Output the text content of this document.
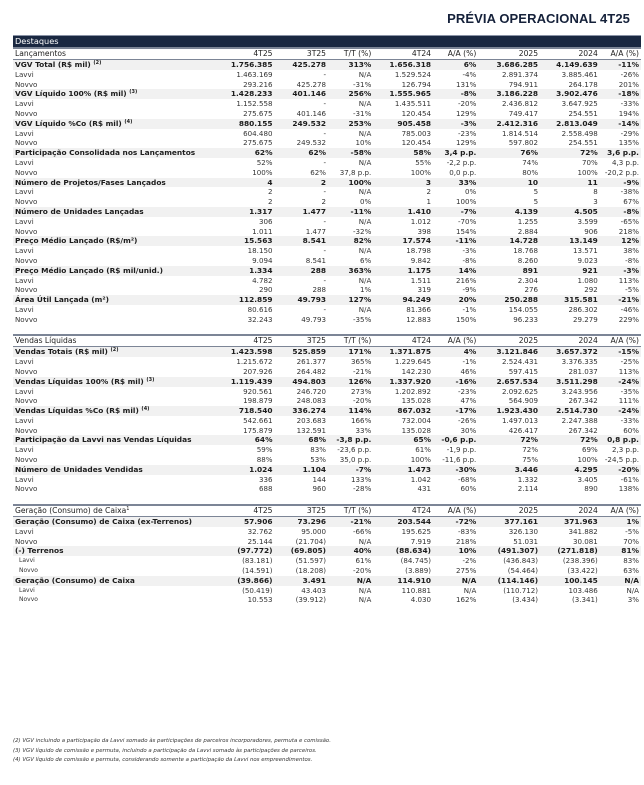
PRÉVIA OPERACIONAL 4T25
Destaques
Lançamentos	4T25	3T25	T/T (%)	4T24	A/A (%)	2025	2024	A/A (%)
VGV Total (R$ mil) $^{(2)}$	1.756.385	425.278	313%	1.656.318	6%	3.686.285	4.149.639	-11%
Lavvi	1.463.169	-	N/A	1.529.524	-4%	2.891.374	3.885.461	-26%
Novvo	293.216	425.278	-31%	126.794	131%	794.911	264.178	201%
VGV Líquido 100% (R$ mil) $^{(3)}$	1.428.233	401.146	256%	1.555.965	-8%	3.186.228	3.902.476	-18%
Lavvi	1.152.558	-	N/A	1.435.511	-20%	2.436.812	3.647.925	-33%
Novvo	275.675	401.146	-31%	120.454	129%	749.417	254.551	194%
VGV Líquido %Co (R$ mil) $^{(4)}$	880.155	249.532	253%	905.458	-3%	2.412.316	2.813.049	-14%
Lavvi	604.480	-	N/A	785.003	-23%	1.814.514	2.558.498	-29%
Novvo	275.675	249.532	10%	120.454	129%	597.802	254.551	135%
Participação Consolidada nos Lançamentos	62%	62%	-58%	58%	3,4 p.p.	76%	72%	3,6 p.p.
Lavvi	52%	-	N/A	55%	-2,2 p.p.	74%	70%	4,3 p.p.
Novvo	100%	62%	37,8 p.p.	100%	0,0 p.p.	80%	100%	-20,2 p.p.
Número de Projetos/Fases Lançados	4	2	100%	3	33%	10	11	-9%
Lavvi	2	-	N/A	2	0%	5	8	-38%
Novvo	2	2	0%	1	100%	5	3	67%
Número de Unidades Lançadas	1.317	1.477	-11%	1.410	-7%	4.139	4.505	-8%
Lavvi	306	-	N/A	1.012	-70%	1.255	3.599	-65%
Novvo	1.011	1.477	-32%	398	154%	2.884	906	218%
Preço Médio Lançado (R$/m²)	15.563	8.541	82%	17.574	-11%	14.728	13.149	12%
Lavvi	18.150	-	N/A	18.798	-3%	18.768	13.571	38%
Novvo	9.094	8.541	6%	9.842	-8%	8.260	9.023	-8%
Preço Médio Lançado (R$ mil/unid.)	1.334	288	363%	1.175	14%	891	921	-3%
Lavvi	4.782	-	N/A	1.511	216%	2.304	1.080	113%
Novvo	290	288	1%	319	-9%	276	292	-5%
Área Útil Lançada (m²)	112.859	49.793	127%	94.249	20%	250.288	315.581	-21%
Lavvi	80.616	-	N/A	81.366	-1%	154.055	286.302	-46%
Novvo	32.243	49.793	-35%	12.883	150%	96.233	29.279	229%

Vendas Líquidas	4T25	3T25	T/T (%)	4T24	A/A (%)	2025	2024	A/A (%)
Vendas Totais (R$ mil) $^{(2)}$	1.423.598	525.859	171%	1.371.875	4%	3.121.846	3.657.372	-15%
Lavvi	1.215.672	261.377	365%	1.229.645	-1%	2.524.431	3.376.335	-25%
Novvo	207.926	264.482	-21%	142.230	46%	597.415	281.037	113%
Vendas Líquidas 100% (R$ mil) $^{(3)}$	1.119.439	494.803	126%	1.337.920	-16%	2.657.534	3.511.298	-24%
Lavvi	920.561	246.720	273%	1.202.892	-23%	2.092.625	3.243.956	-35%
Novvo	198.879	248.083	-20%	135.028	47%	564.909	267.342	111%
Vendas Líquidas %Co (R$ mil) $^{(4)}$	718.540	336.274	114%	867.032	-17%	1.923.430	2.514.730	-24%
Lavvi	542.661	203.683	166%	732.004	-26%	1.497.013	2.247.388	-33%
Novvo	175.879	132.591	33%	135.028	30%	426.417	267.342	60%
Participação da Lavvi nas Vendas Líquidas	64%	68%	-3,8 p.p.	65%	-0,6 p.p.	72%	72%	0,8 p.p.
Lavvi	59%	83%	-23,6 p.p.	61%	-1,9 p.p.	72%	69%	2,3 p.p.
Novvo	88%	53%	35,0 p.p.	100%	-11,6 p.p.	75%	100%	-24,5 p.p.
Número de Unidades Vendidas	1.024	1.104	-7%	1.473	-30%	3.446	4.295	-20%
Lavvi	336	144	133%	1.042	-68%	1.332	3.405	-61%
Novvo	688	960	-28%	431	60%	2.114	890	138%

Geração (Consumo) de Caixa$^1$	4T25	3T25	T/T (%)	4T24	A/A (%)	2025	2024	A/A (%)
Geração (Consumo) de Caixa (ex-Terrenos)	57.906	73.296	-21%	203.544	-72%	377.161	371.963	1%
Lavvi	32.762	95.000	-66%	195.625	-83%	326.130	341.882	-5%
Novvo	25.144	(21.704)	N/A	7.919	218%	51.031	30.081	70%
(-) Terrenos	(97.772)	(69.805)	40%	(88.634)	10%	(491.307)	(271.818)	81%
Lavvi	(83.181)	(51.597)	61%	(84.745)	-2%	(436.843)	(238.396)	83%
Novvo	(14.591)	(18.208)	-20%	(3.889)	275%	(54.464)	(33.422)	63%
Geração (Consumo) de Caixa	(39.866)	3.491	N/A	114.910	N/A	(114.146)	100.145	N/A
Lavvi	(50.419)	43.403	N/A	110.881	N/A	(110.712)	103.486	N/A
Novvo	10.553	(39.912)	N/A	4.030	162%	(3.434)	(3.341)	3%
(2) VGV incluindo a participação da Lavvi somado às participações de parceiros incorporadores, permuta e comissão.
(3) VGV líquido de comissão e permuta, incluindo a participação da Lavvi somado às participações de parceiros.
(4) VGV líquido de comissão e permuta, considerando somente a participação da Lavvi nos empreendimentos.
